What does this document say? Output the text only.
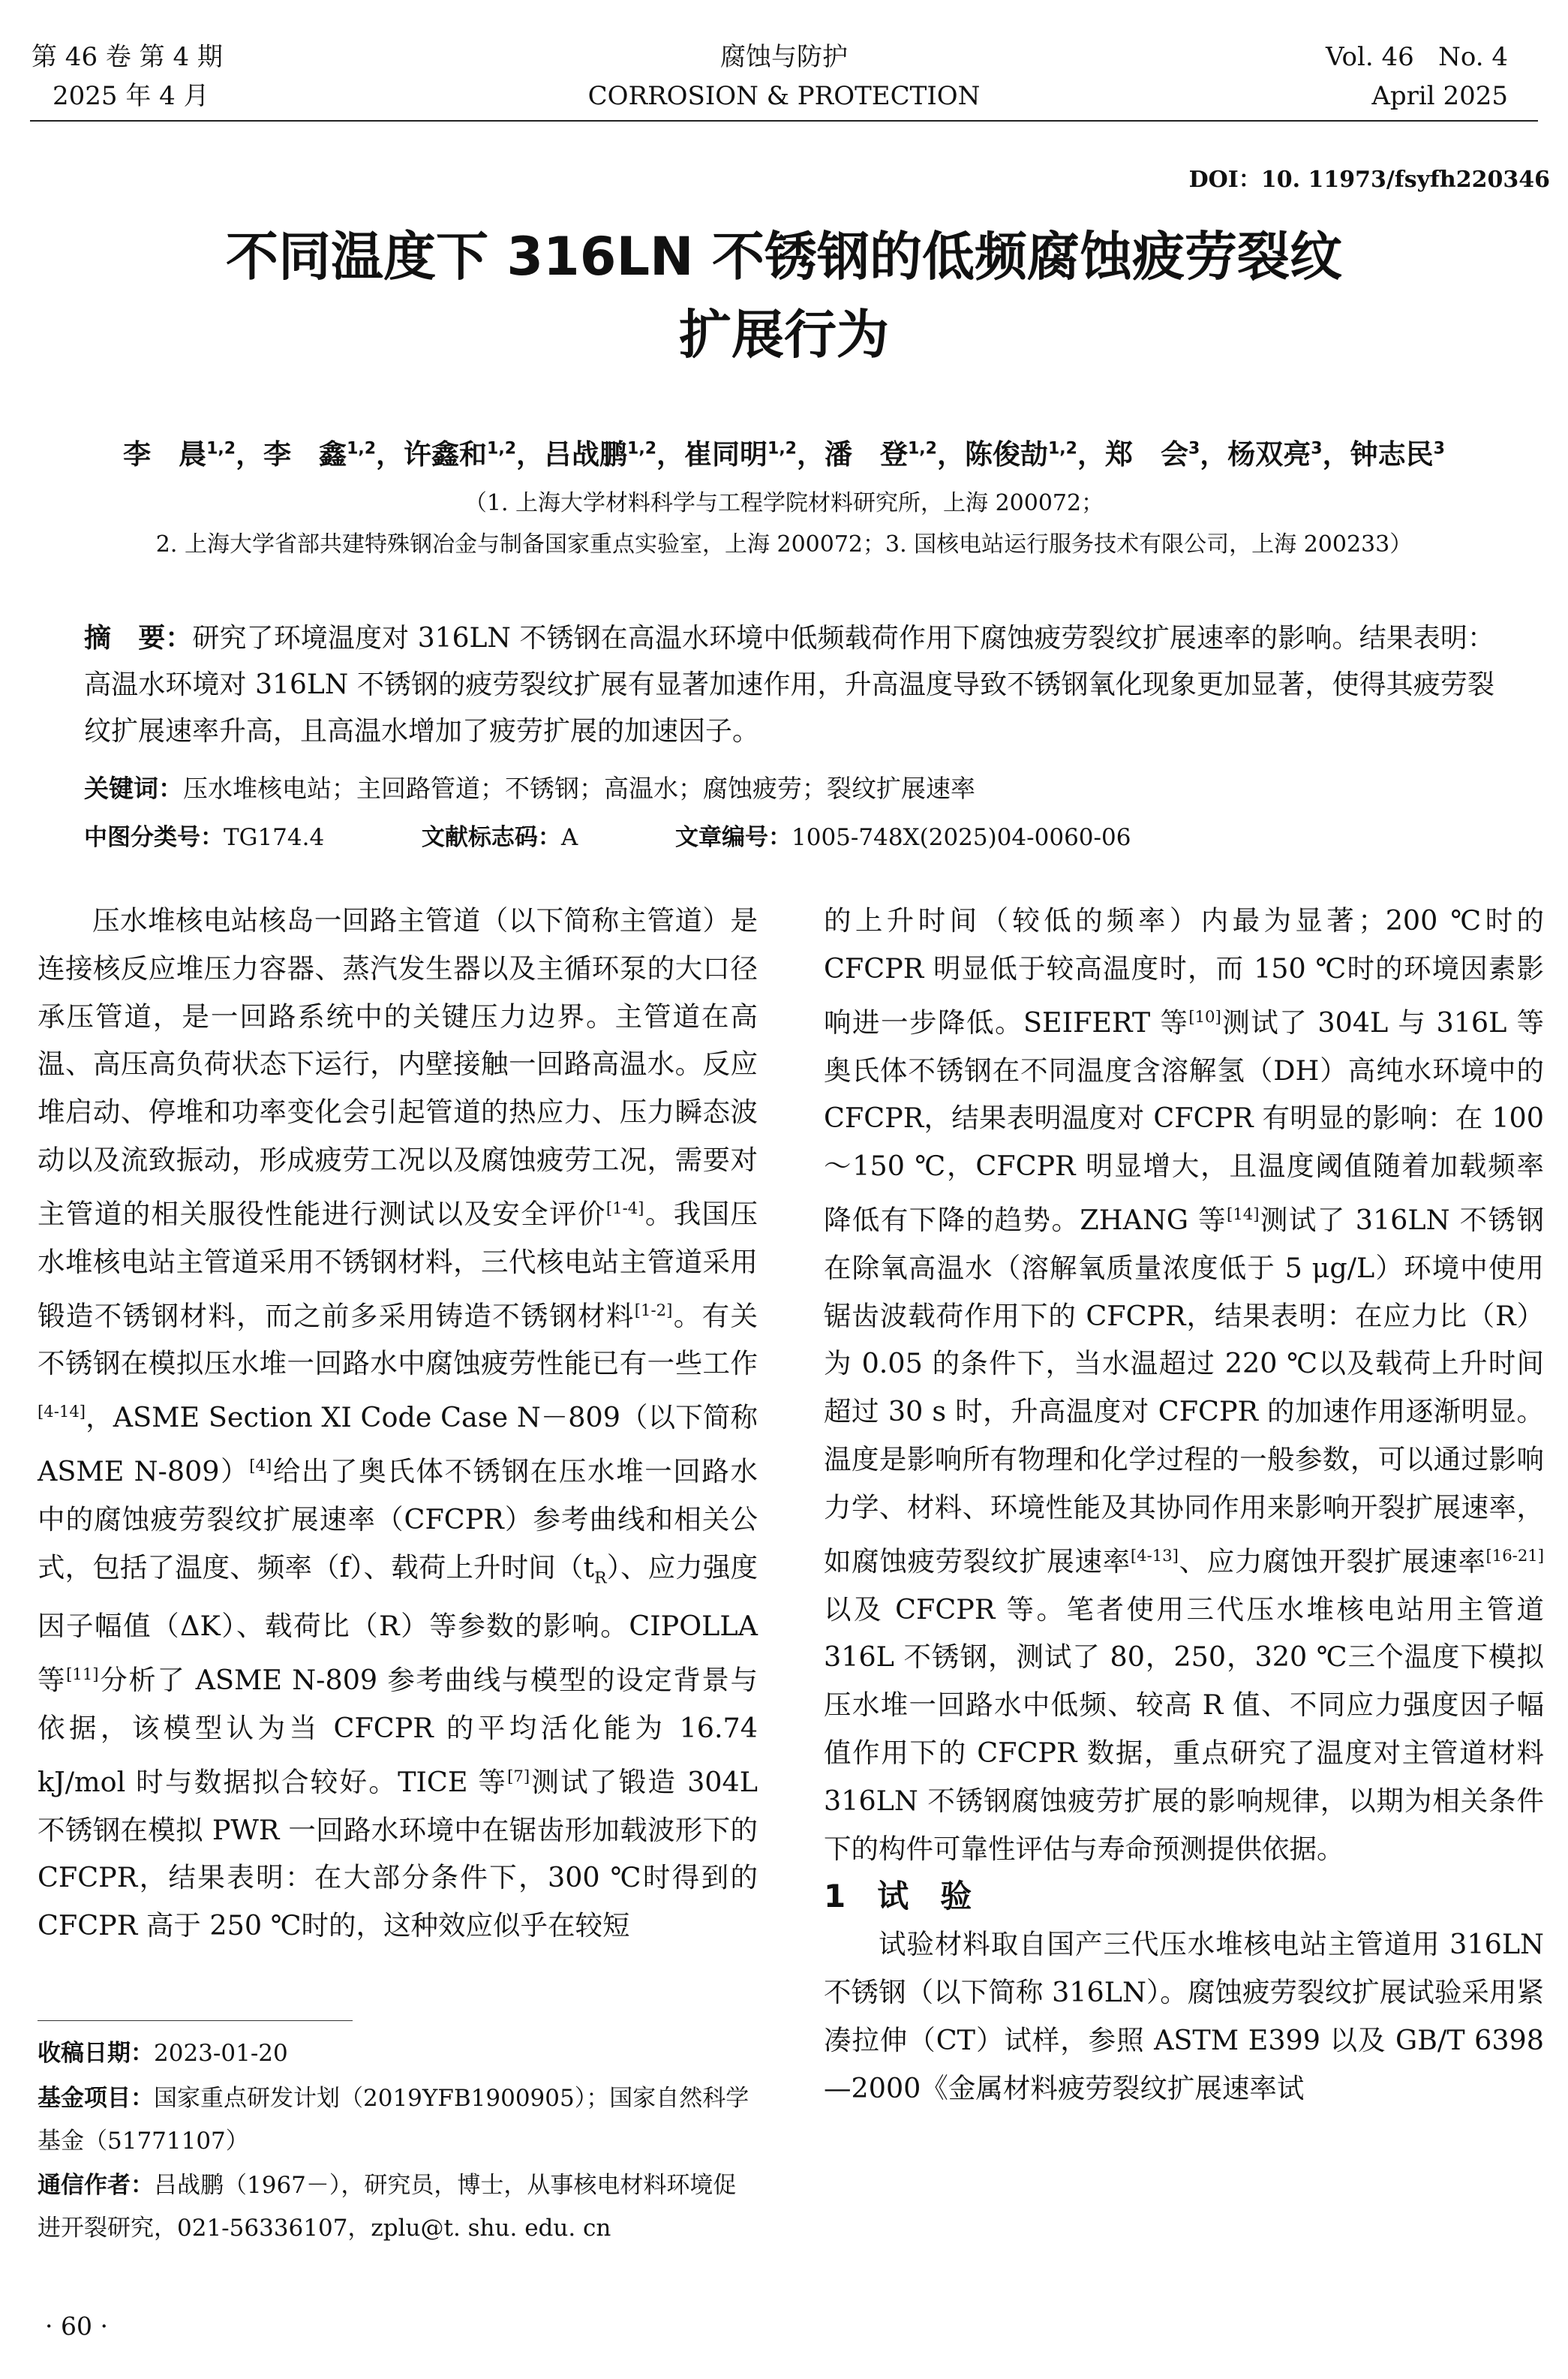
第 46 卷 第 4 期
2025 年 4 月
腐蚀与防护
CORROSION & PROTECTION
Vol. 46   No. 4
April 2025
DOI：10. 11973/fsyfh220346
不同温度下 316LN 不锈钢的低频腐蚀疲劳裂纹
扩展行为
李　晨$^{1,2}$，李　鑫$^{1,2}$，许鑫和$^{1,2}$，吕战鹏$^{1,2}$，崔同明$^{1,2}$，潘　登$^{1,2}$，陈俊劼$^{1,2}$，郑　会$^3$，杨双亮$^3$，钟志民$^3$
（1. 上海大学材料科学与工程学院材料研究所，上海 200072；
2. 上海大学省部共建特殊钢冶金与制备国家重点实验室，上海 200072；3. 国核电站运行服务技术有限公司，上海 200233）
摘　要：研究了环境温度对 316LN 不锈钢在高温水环境中低频载荷作用下腐蚀疲劳裂纹扩展速率的影响。结果表明：高温水环境对 316LN 不锈钢的疲劳裂纹扩展有显著加速作用，升高温度导致不锈钢氧化现象更加显著，使得其疲劳裂纹扩展速率升高，且高温水增加了疲劳扩展的加速因子。
关键词：压水堆核电站；主回路管道；不锈钢；高温水；腐蚀疲劳；裂纹扩展速率
中图分类号：TG174.4	文献标志码：A	文章编号：1005-748X(2025)04-0060-06

压水堆核电站核岛一回路主管道（以下简称主管道）是连接核反应堆压力容器、蒸汽发生器以及主循环泵的大口径承压管道，是一回路系统中的关键压力边界。主管道在高温、高压高负荷状态下运行，内壁接触一回路高温水。反应堆启动、停堆和功率变化会引起管道的热应力、压力瞬态波动以及流致振动，形成疲劳工况以及腐蚀疲劳工况，需要对主管道的相关服役性能进行测试以及安全评价[1-4]。我国压水堆核电站主管道采用不锈钢材料，三代核电站主管道采用锻造不锈钢材料，而之前多采用铸造不锈钢材料[1-2]。有关不锈钢在模拟压水堆一回路水中腐蚀疲劳性能已有一些工作[4-14]，ASME Section XI Code Case N－809（以下简称 ASME N-809）[4]给出了奥氏体不锈钢在压水堆一回路水中的腐蚀疲劳裂纹扩展速率（CFCPR）参考曲线和相关公式，包括了温度、频率（f）、载荷上升时间$(t_R)$、应力强度因子幅值（ΔK）、载荷比（R）等参数的影响。CIPOLLA 等[11]分析了 ASME N-809 参考曲线与模型的设定背景与依据，该模型认为当 CFCPR 的平均活化能为 16.74 kJ/mol 时与数据拟合较好。TICE 等[7]测试了锻造 304L 不锈钢在模拟 PWR 一回路水环境中在锯齿形加载波形下的 CFCPR，结果表明：在大部分条件下，300 ℃时得到的 CFCPR 高于 250 ℃时的，这种效应似乎在较短

的上升时间（较低的频率）内最为显著；200 ℃时的 CFCPR 明显低于较高温度时，而 150 ℃时的环境因素影响进一步降低。SEIFERT 等[10]测试了 304L 与 316L 等奥氏体不锈钢在不同温度含溶解氢（DH）高纯水环境中的 CFCPR，结果表明温度对 CFCPR 有明显的影响：在 100～150 ℃，CFCPR 明显增大，且温度阈值随着加载频率降低有下降的趋势。ZHANG 等[14]测试了 316LN 不锈钢在除氧高温水（溶解氧质量浓度低于 5 μg/L）环境中使用锯齿波载荷作用下的 CFCPR，结果表明：在应力比（R）为 0.05 的条件下，当水温超过 220 ℃以及载荷上升时间超过 30 s 时，升高温度对 CFCPR 的加速作用逐渐明显。温度是影响所有物理和化学过程的一般参数，可以通过影响力学、材料、环境性能及其协同作用来影响开裂扩展速率，如腐蚀疲劳裂纹扩展速率[4-13]、应力腐蚀开裂扩展速率[16-21]以及 CFCPR 等。笔者使用三代压水堆核电站用主管道 316L 不锈钢，测试了 80，250，320 ℃三个温度下模拟压水堆一回路水中低频、较高 R 值、不同应力强度因子幅值作用下的 CFCPR 数据，重点研究了温度对主管道材料 316LN 不锈钢腐蚀疲劳扩展的影响规律，以期为相关条件下的构件可靠性评估与寿命预测提供依据。

1　试　验

试验材料取自国产三代压水堆核电站主管道用 316LN 不锈钢（以下简称 316LN）。腐蚀疲劳裂纹扩展试验采用紧凑拉伸（CT）试样，参照 ASTM E399 以及 GB/T 6398—2000《金属材料疲劳裂纹扩展速率试

收稿日期：2023-01-20
基金项目：国家重点研发计划（2019YFB1900905）；国家自然科学基金（51771107）
通信作者：吕战鹏（1967－），研究员，博士，从事核电材料环境促进开裂研究，021-56336107，zplu@t. shu. edu. cn
· 60 ·
